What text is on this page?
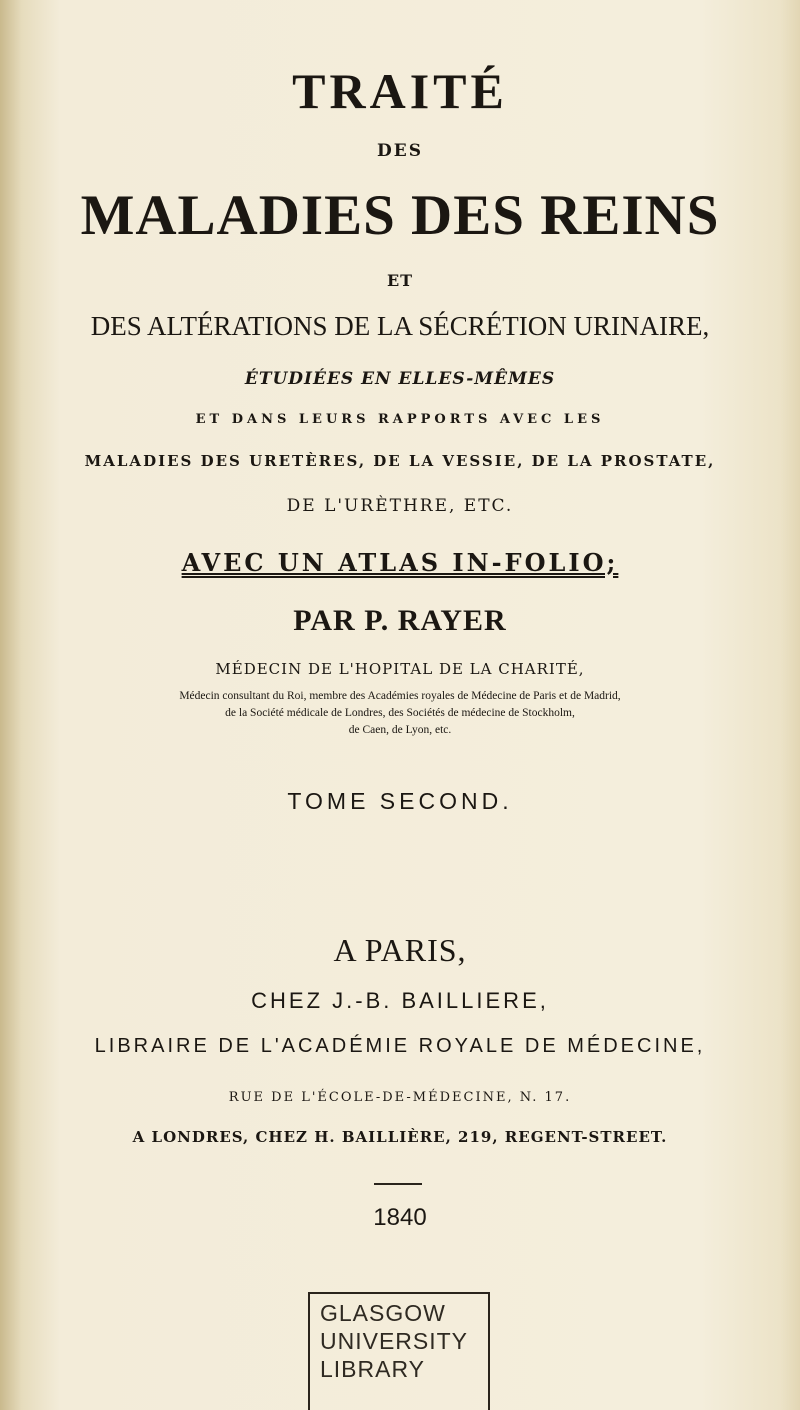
TRAITÉ
DES
MALADIES DES REINS
ET
DES ALTÉRATIONS DE LA SÉCRÉTION URINAIRE,
ÉTUDIÉES EN ELLES-MÊMES
ET DANS LEURS RAPPORTS AVEC LES
MALADIES DES URETÈRES, DE LA VESSIE, DE LA PROSTATE,
DE L'URÈTHRE, ETC.
AVEC UN ATLAS IN-FOLIO;
PAR P. RAYER
MÉDECIN DE L'HOPITAL DE LA CHARITÉ,
Médecin consultant du Roi, membre des Académies royales de Médecine de Paris et de Madrid,
de la Société médicale de Londres, des Sociétés de médecine de Stockholm,
de Caen, de Lyon, etc.
TOME SECOND.
A PARIS,
CHEZ J.-B. BAILLIERE,
LIBRAIRE DE L'ACADÉMIE ROYALE DE MÉDECINE,
RUE DE L'ÉCOLE-DE-MÉDECINE, N. 17.
A LONDRES, CHEZ H. BAILLIÈRE, 219, REGENT-STREET.
1840
GLASGOW
UNIVERSITY
LIBRARY
